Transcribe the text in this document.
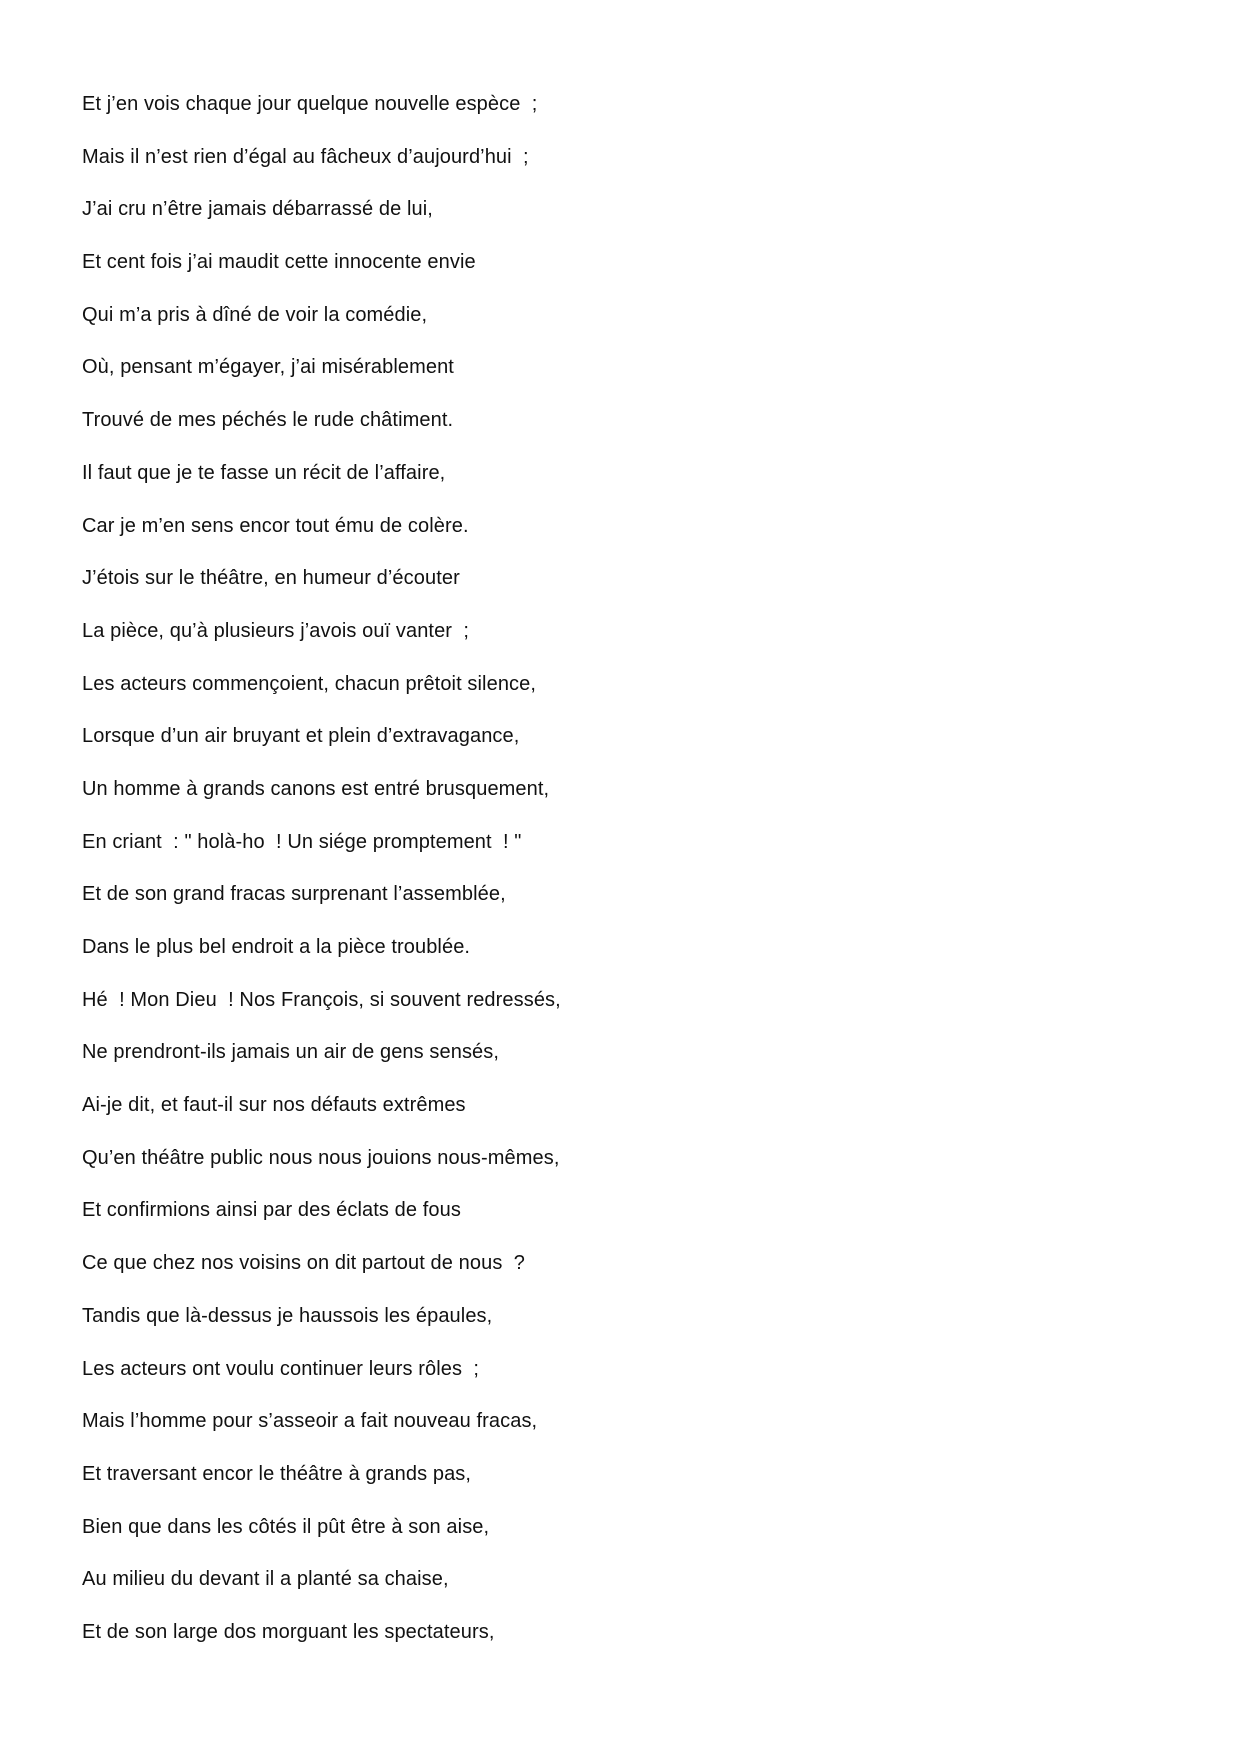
Et j’en vois chaque jour quelque nouvelle espèce  ;
Mais il n’est rien d’égal au fâcheux d’aujourd’hui  ;
J’ai cru n’être jamais débarrassé de lui,
Et cent fois j’ai maudit cette innocente envie
Qui m’a pris à dîné de voir la comédie,
Où, pensant m’égayer, j’ai misérablement
Trouvé de mes péchés le rude châtiment.
Il faut que je te fasse un récit de l’affaire,
Car je m’en sens encor tout ému de colère.
J’étois sur le théâtre, en humeur d’écouter
La pièce, qu’à plusieurs j’avois ouï vanter  ;
Les acteurs commençoient, chacun prêtoit silence,
Lorsque d’un air bruyant et plein d’extravagance,
Un homme à grands canons est entré brusquement,
En criant  : " holà-ho  ! Un siége promptement  ! "
Et de son grand fracas surprenant l’assemblée,
Dans le plus bel endroit a la pièce troublée.
Hé  ! Mon Dieu  ! Nos François, si souvent redressés,
Ne prendront-ils jamais un air de gens sensés,
Ai-je dit, et faut-il sur nos défauts extrêmes
Qu’en théâtre public nous nous jouions nous-mêmes,
Et confirmions ainsi par des éclats de fous
Ce que chez nos voisins on dit partout de nous  ?
Tandis que là-dessus je haussois les épaules,
Les acteurs ont voulu continuer leurs rôles  ;
Mais l’homme pour s’asseoir a fait nouveau fracas,
Et traversant encor le théâtre à grands pas,
Bien que dans les côtés il pût être à son aise,
Au milieu du devant il a planté sa chaise,
Et de son large dos morguant les spectateurs,
